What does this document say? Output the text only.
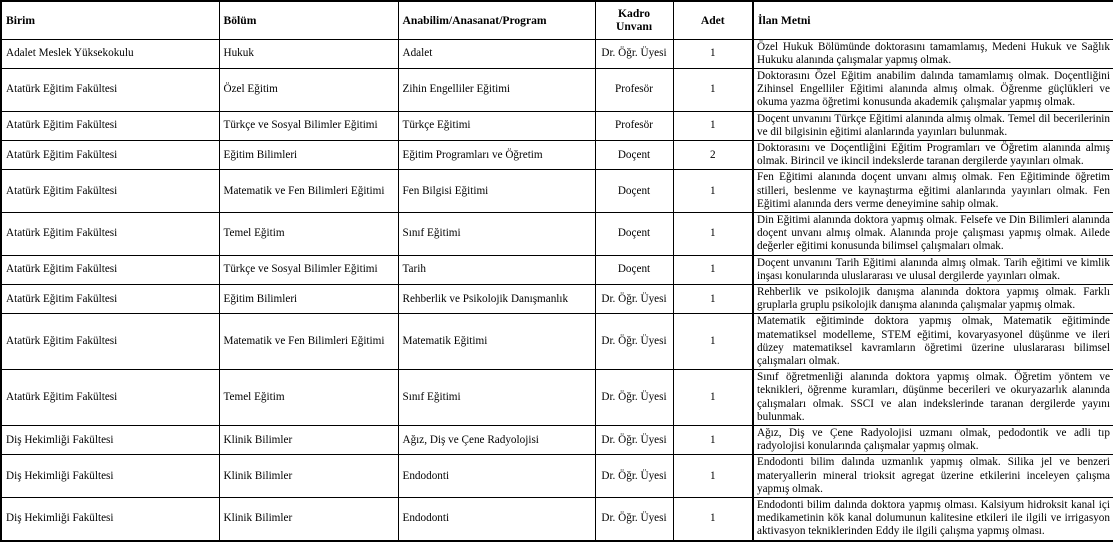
Birim	Bölüm	Anabilim/Anasanat/Program	Kadro Unvanı	Adet	İlan Metni
Adalet Meslek Yüksekokulu	Hukuk	Adalet	Dr. Öğr. Üyesi	1	Özel Hukuk Bölümünde doktorasını tamamlamış, Medeni Hukuk ve Sağlık Hukuku alanında çalışmalar yapmış olmak.
Atatürk Eğitim Fakültesi	Özel Eğitim	Zihin Engelliler Eğitimi	Profesör	1	Doktorasını Özel Eğitim anabilim dalında tamamlamış olmak. Doçentliğini Zihinsel Engelliler Eğitimi alanında almış olmak. Öğrenme güçlükleri ve okuma yazma öğretimi konusunda akademik çalışmalar yapmış olmak.
Atatürk Eğitim Fakültesi	Türkçe ve Sosyal Bilimler Eğitimi	Türkçe Eğitimi	Profesör	1	Doçent unvanını Türkçe Eğitimi alanında almış olmak. Temel dil becerilerinin ve dil bilgisinin eğitimi alanlarında yayınları bulunmak.
Atatürk Eğitim Fakültesi	Eğitim Bilimleri	Eğitim Programları ve Öğretim	Doçent	2	Doktorasını ve Doçentliğini Eğitim Programları ve Öğretim alanında almış olmak. Birincil ve ikincil indekslerde taranan dergilerde yayınları olmak.
Atatürk Eğitim Fakültesi	Matematik ve Fen Bilimleri Eğitimi	Fen Bilgisi Eğitimi	Doçent	1	Fen Eğitimi alanında doçent unvanı almış olmak. Fen Eğitiminde öğretim stilleri, beslenme ve kaynaştırma eğitimi alanlarında yayınları olmak. Fen Eğitimi alanında ders verme deneyimine sahip olmak.
Atatürk Eğitim Fakültesi	Temel Eğitim	Sınıf Eğitimi	Doçent	1	Din Eğitimi alanında doktora yapmış olmak. Felsefe ve Din Bilimleri alanında doçent unvanı almış olmak. Alanında proje çalışması yapmış olmak. Ailede değerler eğitimi konusunda bilimsel çalışmaları olmak.
Atatürk Eğitim Fakültesi	Türkçe ve Sosyal Bilimler Eğitimi	Tarih	Doçent	1	Doçent unvanını Tarih Eğitimi alanında almış olmak. Tarih eğitimi ve kimlik inşası konularında uluslararası ve ulusal dergilerde yayınları olmak.
Atatürk Eğitim Fakültesi	Eğitim Bilimleri	Rehberlik ve Psikolojik Danışmanlık	Dr. Öğr. Üyesi	1	Rehberlik ve psikolojik danışma alanında doktora yapmış olmak. Farklı gruplarla gruplu psikolojik danışma alanında çalışmalar yapmış olmak.
Atatürk Eğitim Fakültesi	Matematik ve Fen Bilimleri Eğitimi	Matematik Eğitimi	Dr. Öğr. Üyesi	1	Matematik eğitiminde doktora yapmış olmak, Matematik eğitiminde matematiksel modelleme, STEM eğitimi, kovaryasyonel düşünme ve ileri düzey matematiksel kavramların öğretimi üzerine uluslararası bilimsel çalışmaları olmak.
Atatürk Eğitim Fakültesi	Temel Eğitim	Sınıf Eğitimi	Dr. Öğr. Üyesi	1	Sınıf öğretmenliği alanında doktora yapmış olmak. Öğretim yöntem ve teknikleri, öğrenme kuramları, düşünme becerileri ve okuryazarlık alanında çalışmaları olmak. SSCI ve alan indekslerinde taranan dergilerde yayını bulunmak.
Diş Hekimliği Fakültesi	Klinik Bilimler	Ağız, Diş ve Çene Radyolojisi	Dr. Öğr. Üyesi	1	Ağız, Diş ve Çene Radyolojisi uzmanı olmak, pedodontik ve adli tıp radyolojisi konularında çalışmalar yapmış olmak.
Diş Hekimliği Fakültesi	Klinik Bilimler	Endodonti	Dr. Öğr. Üyesi	1	Endodonti bilim dalında uzmanlık yapmış olmak. Silika jel ve benzeri materyallerin mineral trioksit agregat üzerine etkilerini inceleyen çalışma yapmış olmak.
Diş Hekimliği Fakültesi	Klinik Bilimler	Endodonti	Dr. Öğr. Üyesi	1	Endodonti bilim dalında doktora yapmış olması. Kalsiyum hidroksit kanal içi medikametinin kök kanal dolumunun kalitesine etkileri ile ilgili ve irrigasyon aktivasyon tekniklerinden Eddy ile ilgili çalışma yapmış olması.
